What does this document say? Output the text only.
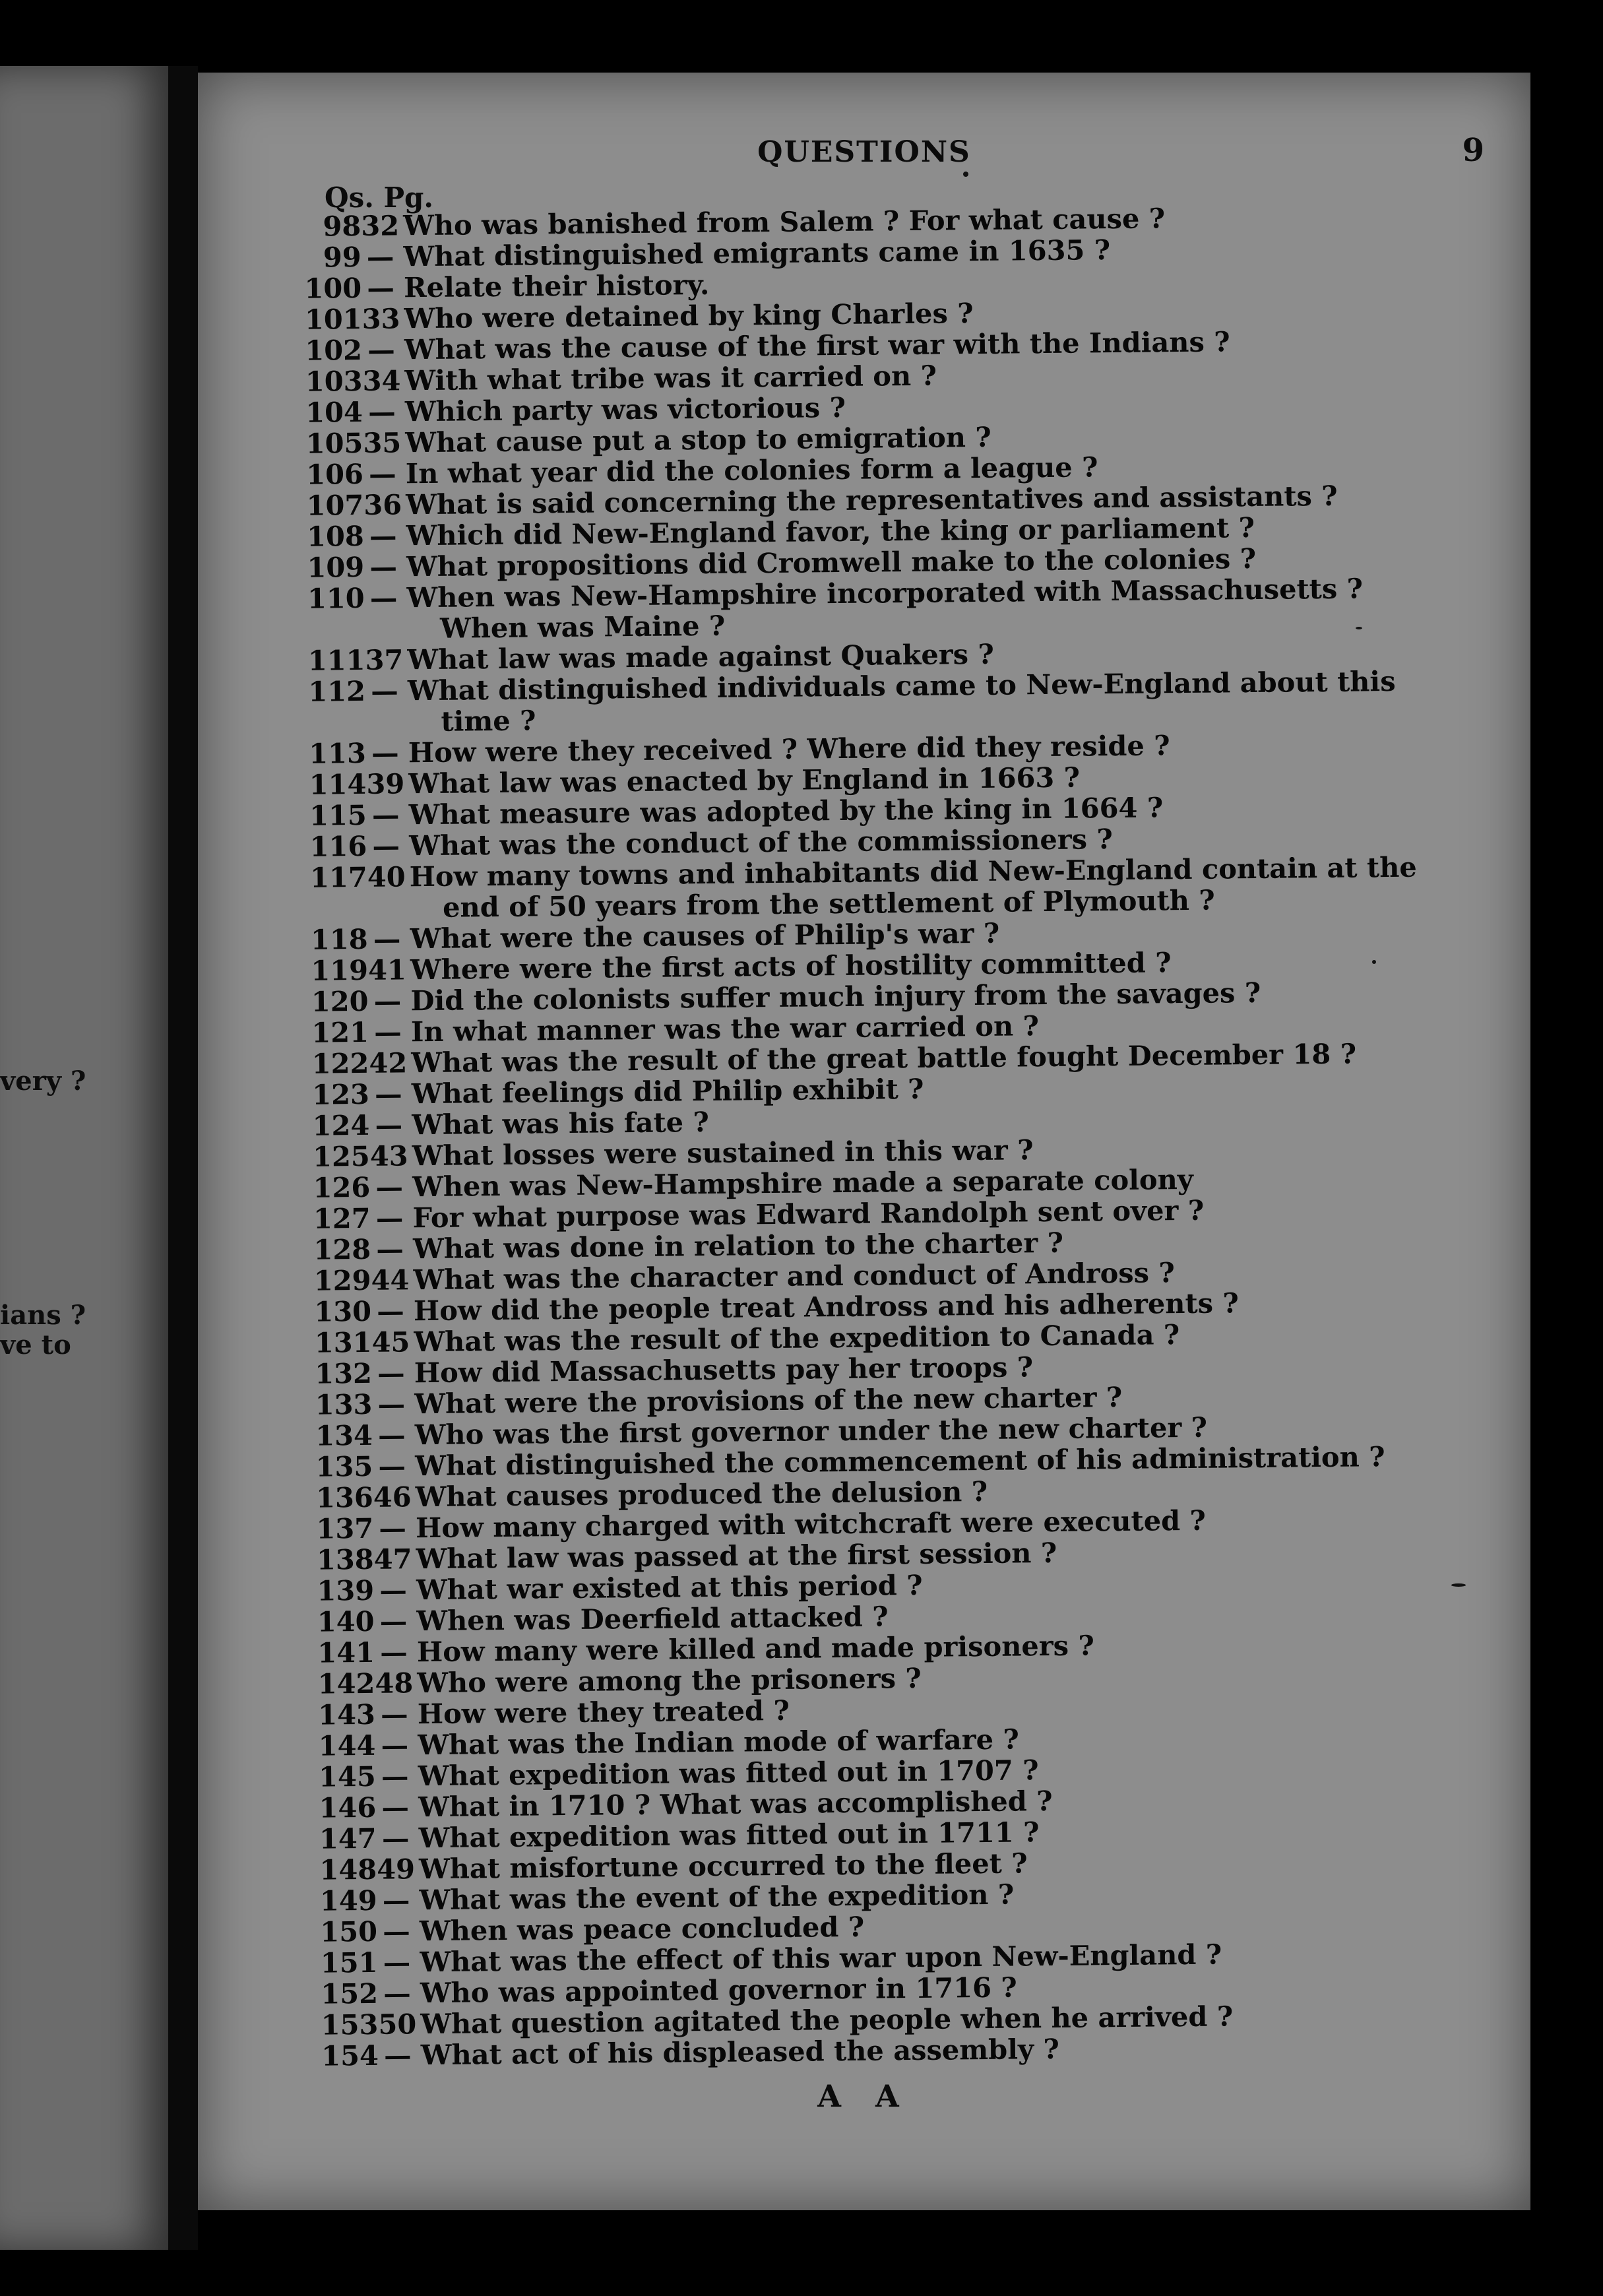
very ?
ians ?
ve to
QUESTIONS	9
Qs. Pg.
98 32 Who was banished from Salem ? For what cause ?
99 — What distinguished emigrants came in 1635 ?
100 — Relate their history.
101 33 Who were detained by king Charles ?
102 — What was the cause of the first war with the Indians ?
103 34 With what tribe was it carried on ?
104 — Which party was victorious ?
105 35 What cause put a stop to emigration ?
106 — In what year did the colonies form a league ?
107 36 What is said concerning the representatives and assistants ?
108 — Which did New-England favor, the king or parliament ?
109 — What propositions did Cromwell make to the colonies ?
110 — When was New-Hampshire incorporated with Massachusetts ?
When was Maine ?
111 37 What law was made against Quakers ?
112 — What distinguished individuals came to New-England about this
time ?
113 — How were they received ? Where did they reside ?
114 39 What law was enacted by England in 1663 ?
115 — What measure was adopted by the king in 1664 ?
116 — What was the conduct of the commissioners ?
117 40 How many towns and inhabitants did New-England contain at the
end of 50 years from the settlement of Plymouth ?
118 — What were the causes of Philip's war ?
119 41 Where were the first acts of hostility committed ?
120 — Did the colonists suffer much injury from the savages ?
121 — In what manner was the war carried on ?
122 42 What was the result of the great battle fought December 18 ?
123 — What feelings did Philip exhibit ?
124 — What was his fate ?
125 43 What losses were sustained in this war ?
126 — When was New-Hampshire made a separate colony
127 — For what purpose was Edward Randolph sent over ?
128 — What was done in relation to the charter ?
129 44 What was the character and conduct of Andross ?
130 — How did the people treat Andross and his adherents ?
131 45 What was the result of the expedition to Canada ?
132 — How did Massachusetts pay her troops ?
133 — What were the provisions of the new charter ?
134 — Who was the first governor under the new charter ?
135 — What distinguished the commencement of his administration ?
136 46 What causes produced the delusion ?
137 — How many charged with witchcraft were executed ?
138 47 What law was passed at the first session ?
139 — What war existed at this period ?
140 — When was Deerfield attacked ?
141 — How many were killed and made prisoners ?
142 48 Who were among the prisoners ?
143 — How were they treated ?
144 — What was the Indian mode of warfare ?
145 — What expedition was fitted out in 1707 ?
146 — What in 1710 ? What was accomplished ?
147 — What expedition was fitted out in 1711 ?
148 49 What misfortune occurred to the fleet ?
149 — What was the event of the expedition ?
150 — When was peace concluded ?
151 — What was the effect of this war upon New-England ?
152 — Who was appointed governor in 1716 ?
153 50 What question agitated the people when he arrived ?
154 — What act of his displeased the assembly ?
A A
